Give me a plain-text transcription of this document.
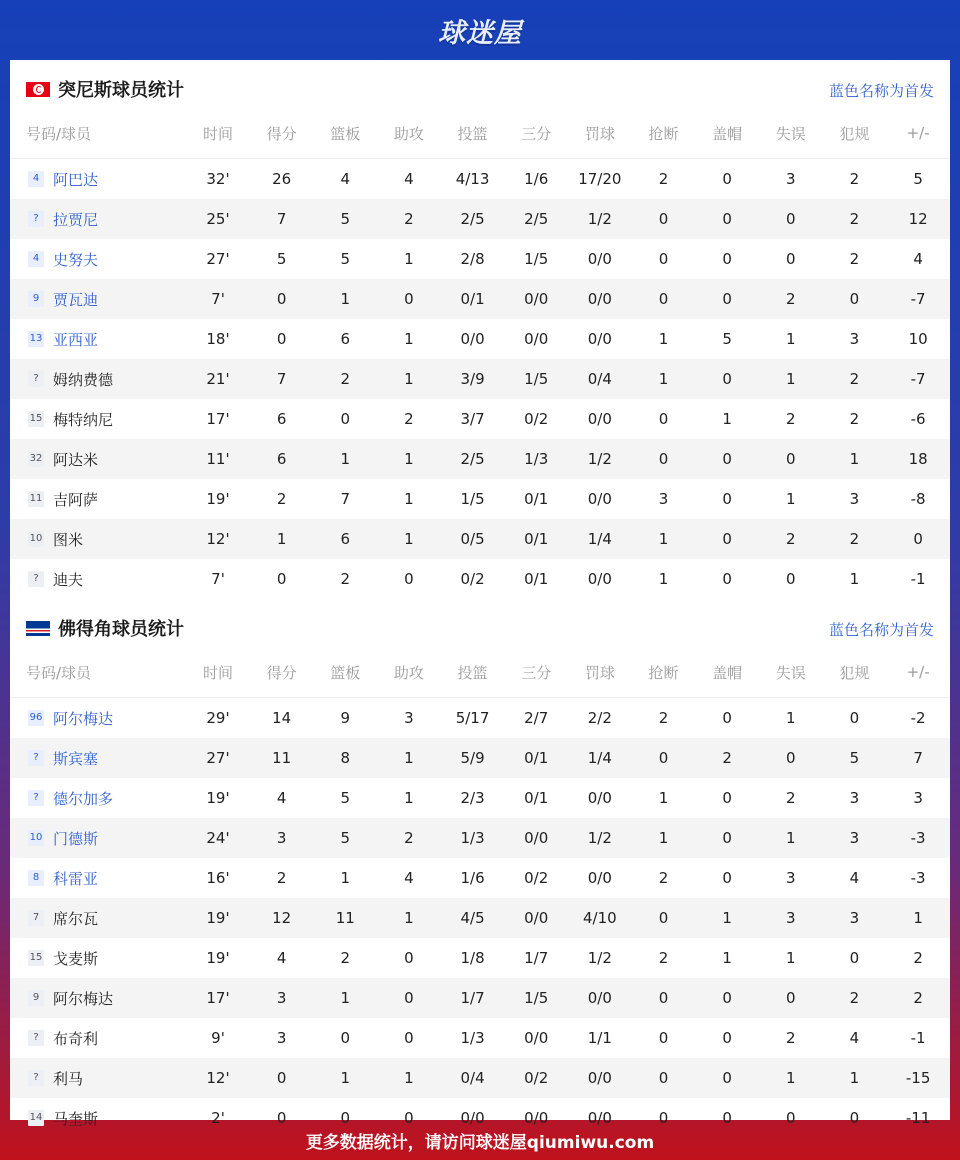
球迷屋
突尼斯球员统计	蓝色名称为首发
号码/球员	时间	得分	篮板	助攻	投篮	三分	罚球	抢断	盖帽	失误	犯规	+/-
4 阿巴达	32'	26	4	4	4/13	1/6	17/20	2	0	3	2	5
? 拉贾尼	25'	7	5	2	2/5	2/5	1/2	0	0	0	2	12
4 史努夫	27'	5	5	1	2/8	1/5	0/0	0	0	0	2	4
9 贾瓦迪	7'	0	1	0	0/1	0/0	0/0	0	0	2	0	-7
13 亚西亚	18'	0	6	1	0/0	0/0	0/0	1	5	1	3	10
? 姆纳费德	21'	7	2	1	3/9	1/5	0/4	1	0	1	2	-7
15 梅特纳尼	17'	6	0	2	3/7	0/2	0/0	0	1	2	2	-6
32 阿达米	11'	6	1	1	2/5	1/3	1/2	0	0	0	1	18
11 吉阿萨	19'	2	7	1	1/5	0/1	0/0	3	0	1	3	-8
10 图米	12'	1	6	1	0/5	0/1	1/4	1	0	2	2	0
? 迪夫	7'	0	2	0	0/2	0/1	0/0	1	0	0	1	-1
佛得角球员统计	蓝色名称为首发
号码/球员	时间	得分	篮板	助攻	投篮	三分	罚球	抢断	盖帽	失误	犯规	+/-
96 阿尔梅达	29'	14	9	3	5/17	2/7	2/2	2	0	1	0	-2
? 斯宾塞	27'	11	8	1	5/9	0/1	1/4	0	2	0	5	7
? 德尔加多	19'	4	5	1	2/3	0/1	0/0	1	0	2	3	3
10 门德斯	24'	3	5	2	1/3	0/0	1/2	1	0	1	3	-3
8 科雷亚	16'	2	1	4	1/6	0/2	0/0	2	0	3	4	-3
7 席尔瓦	19'	12	11	1	4/5	0/0	4/10	0	1	3	3	1
15 戈麦斯	19'	4	2	0	1/8	1/7	1/2	2	1	1	0	2
9 阿尔梅达	17'	3	1	0	1/7	1/5	0/0	0	0	0	2	2
? 布奇利	9'	3	0	0	1/3	0/0	1/1	0	0	2	4	-1
? 利马	12'	0	1	1	0/4	0/2	0/0	0	0	1	1	-15
14 马奎斯	2'	0	0	0	0/0	0/0	0/0	0	0	0	0	-11
更多数据统计，请访问球迷屋qiumiwu.com
